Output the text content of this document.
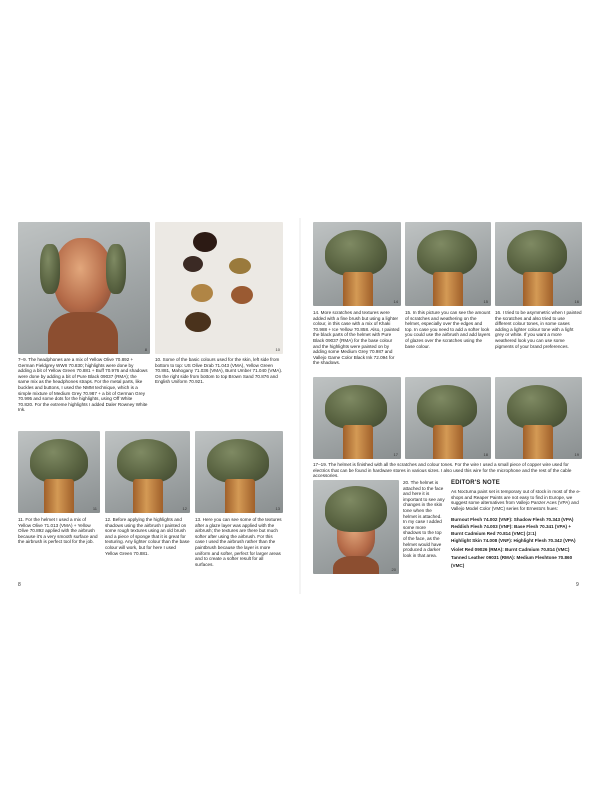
8	10
7–9. The headphones are a mix of Yellow Olive 70.892 + German Fieldgrey WWII 70.830; highlights were done by adding a bit of Yellow Green 70.881 + Buff 70.976 and shadows were done by adding a bit of Pure Black 09037 (RMA); the same mix as the headphones straps. For the metal parts, like buckles and buttons, I used the NMM technique, which is a simple mixture of Medium Grey 70.987 + a bit of German Grey 70.995 and some dots for the highlights, using Off White 70.820. For the extreme highlights I added Daler Rowney White Ink.
10. Some of the basic colours used for the skin, left side from bottom to top: US Olive Drab 71.043 (VMA), Yellow Green 70.881, Mahogany 71.036 (VMA), Burnt Umber 71.040 (VMA). On the right side from bottom to top Brown Sand 70.876 and English Uniform 70.921.
11	12	13
11. For the helmet I used a mix of Yellow Olive 71.013 (VMA) + Yellow Olive 70.892 applied with the airbrush because it's a very smooth surface and the airbrush is perfect tool for the job.
12. Before applying the highlights and shadows using the airbrush I painted on some rough textures using an old brush and a piece of sponge that it is great for texturing. Any lighter colour than the base colour will work, but for here I used Yellow Green 70.881.
13. Here you can see some of the textures after a glaze layer was applied with the airbrush; the textures are there but much softer after using the airbrush. For this case I used the airbrush rather than the paintbrush because the layer is more uniform and softer, perfect for larger areas and to create a softer result for all surfaces.
8
14	15	16
14. More scratches and textures were added with a fine brush but using a lighter colour, in this case with a mix of Khaki 70.988 + Ice Yellow 70.858. Also, I painted the black parts of the helmet with Pure Black 09037 (RMA) for the base colour and the highlights were painted on by adding some Medium Grey 70.987 and Vallejo Game Color Black Ink 72.094 for the shadows.
15. In this picture you can see the amount of scratches and weathering on the helmet, especially over the edges and top. In case you need to add a softer look you could use the airbrush and add layers of glazes over the scratches using the base colour.
16. I tried to be asymmetric when I painted the scratches and also tried to use different colour tones, in some cases adding a lighter colour tone with a light grey or white. If you want a more weathered look you can use some pigments of your brand preferences.
17	18	19
17–19. The helmet is finished with all the scratches and colour tones. For the wire I used a small piece of copper wire used for electrics that can be found in hardware stores in various sizes. I also used this wire for the microphone and the rest of the cable accessories.
20
20. The helmet is attached to the face and here it is important to see any changes in the skin tone when the helmet is attached. In my case I added some more shadows to the top of the face, as the helmet would have produced a darker look in that area.
EDITOR'S NOTE
As Nocturna paint set is temporary out of stock in most of the e-shops and Reaper Paints are not easy to find in Europe, we suggest some alternatives from Vallejo Panzer Aces (VPA) and Vallejo Model Color (VMC) series for Ernesto's hues:
Burnout Flesh 74.002 (VNF): Shadow Flesh 70.343 (VPA)
Reddish Flesh 74.003 (VNF): Base Flesh 70.341 (VPA) +
Burnt Cadmium Red 70.814 (VMC) (2:1)
Highlight Skin 74.008 (VNF): Highlight Flesh 70.342 (VPA)
Violet Red 09026 (RMA): Burnt Cadmium 70.814 (VMC)
Tanned Leather 09031 (RMA): Medium Fleshtone 70.860
(VMC)
9
